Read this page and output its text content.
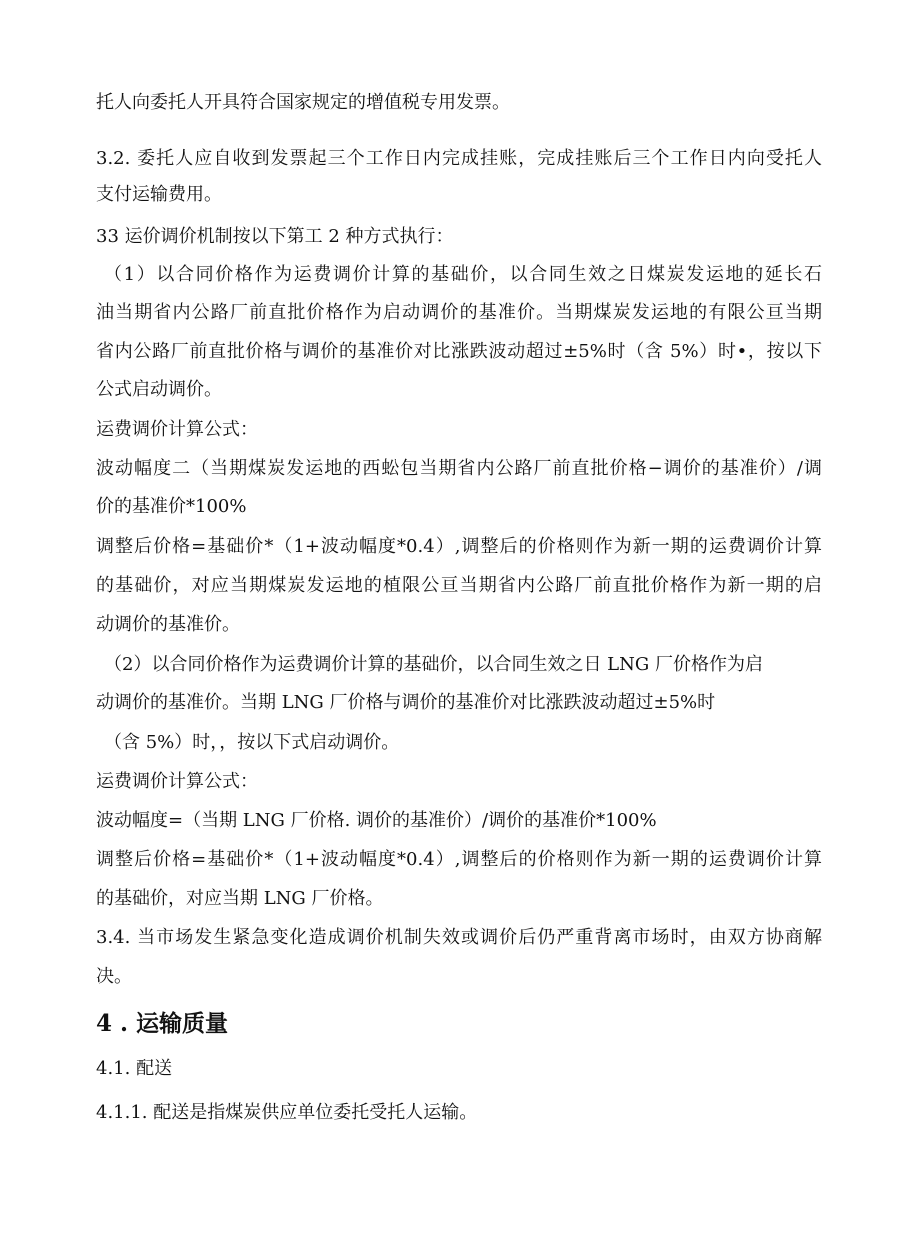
托人向委托人开具符合国家规定的增值税专用发票。

3.2. 委托人应自收到发票起三个工作日内完成挂账，完成挂账后三个工作日内向受托人

支付运输费用。

33 运价调价机制按以下第工 2 种方式执行：

（1）以合同价格作为运费调价计算的基础价，以合同生效之日煤炭发运地的延长石

油当期省内公路厂前直批价格作为启动调价的基准价。当期煤炭发运地的有限公亘当期

省内公路厂前直批价格与调价的基准价对比涨跌波动超过±5%时（含 5%）时•，按以下

公式启动调价。

运费调价计算公式：

波动幅度二（当期煤炭发运地的西蚣包当期省内公路厂前直批价格−调价的基准价）/调

价的基准价*100%

调整后价格=基础价*（1+波动幅度*0.4）,调整后的价格则作为新一期的运费调价计算

的基础价，对应当期煤炭发运地的植限公亘当期省内公路厂前直批价格作为新一期的启

动调价的基准价。

（2）以合同价格作为运费调价计算的基础价，以合同生效之日 LNG 厂价格作为启

动调价的基准价。当期 LNG 厂价格与调价的基准价对比涨跌波动超过±5%时

（含 5%）时，，按以下式启动调价。

运费调价计算公式：

波动幅度=（当期 LNG 厂价格. 调价的基准价）/调价的基准价*100%

调整后价格=基础价*（1+波动幅度*0.4）,调整后的价格则作为新一期的运费调价计算

的基础价，对应当期 LNG 厂价格。

3.4. 当市场发生紧急变化造成调价机制失效或调价后仍严重背离市场时，由双方协商解

决。

4 . 运输质量

4.1. 配送

4.1.1. 配送是指煤炭供应单位委托受托人运输。
